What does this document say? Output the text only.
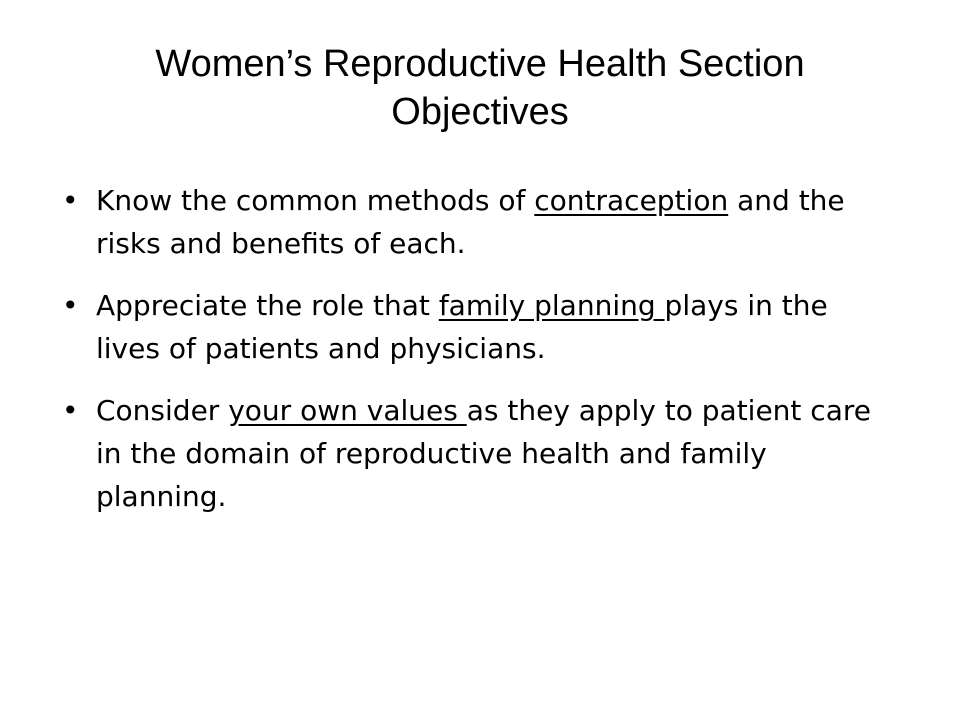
Women’s Reproductive Health Section
Objectives
• Know the common methods of contraception and the risks and benefits of each.
• Appreciate the role that family planning plays in the lives of patients and physicians.
• Consider your own values as they apply to patient care in the domain of reproductive health and family planning.
